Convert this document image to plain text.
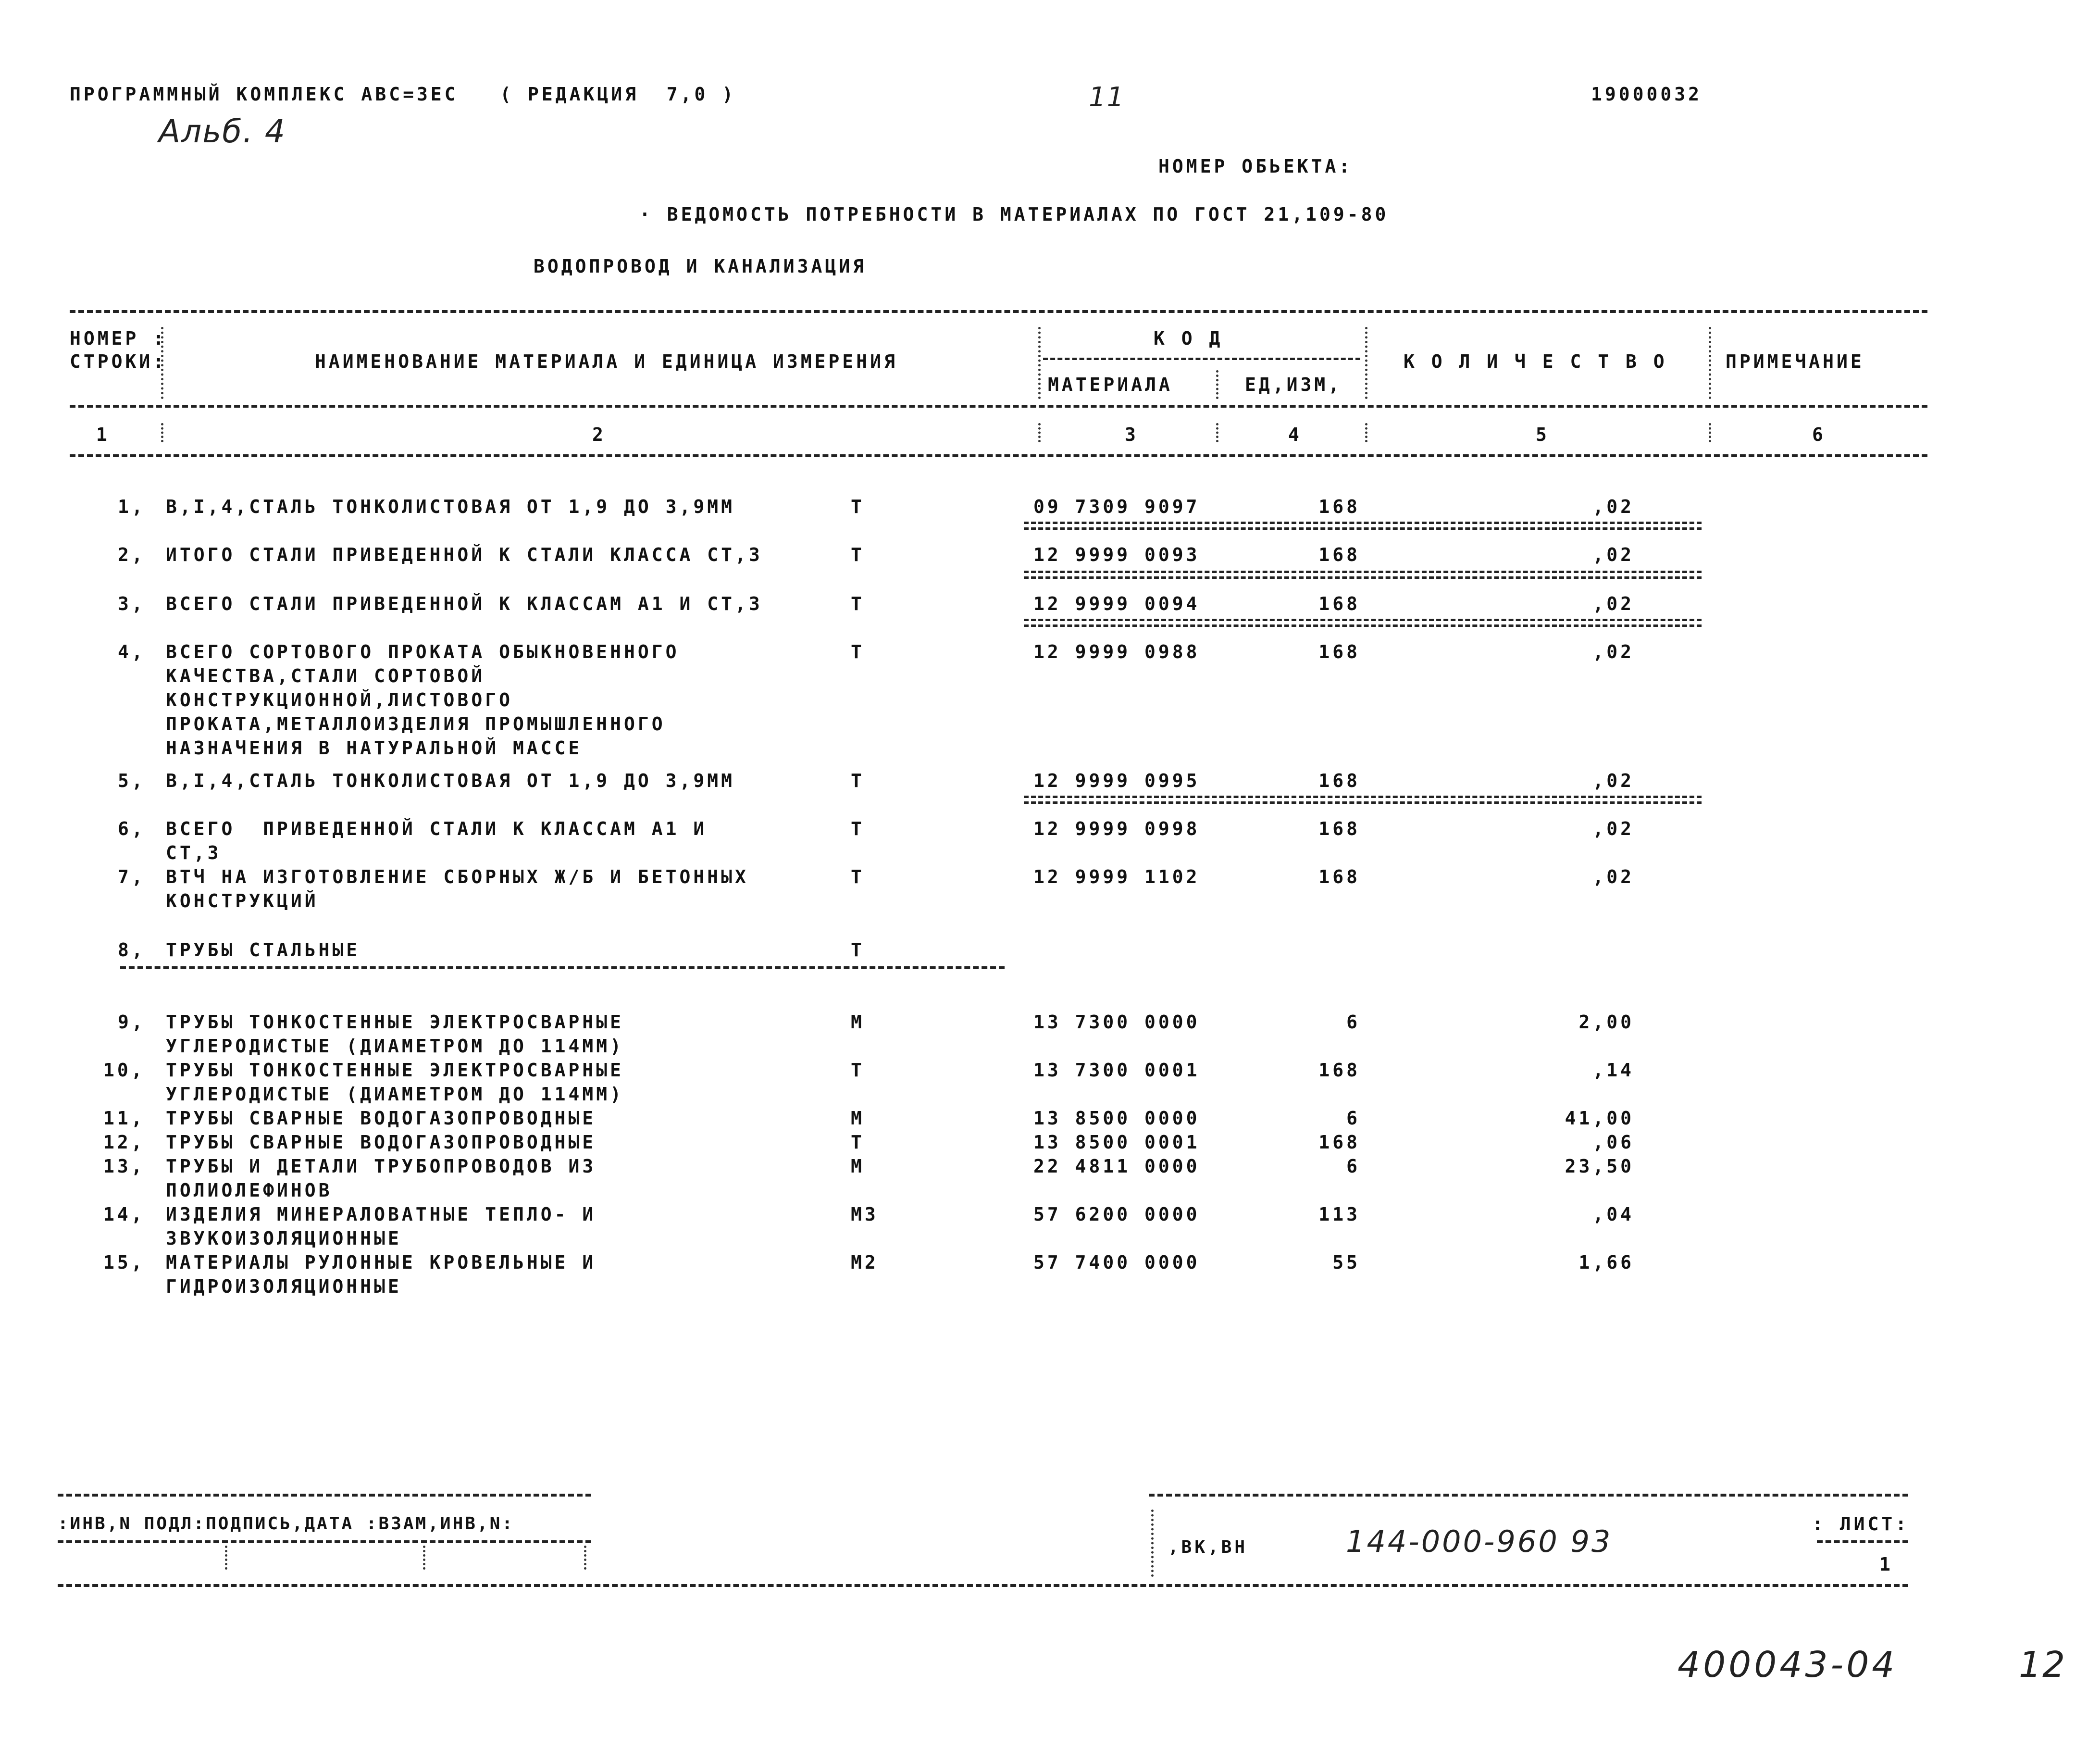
ПРОГРАММНЫЙ КОМПЛЕКС АВС=ЗЕС   ( РЕДАКЦИЯ  7,0 )
Альб. 4
11	19000032
НОМЕР ОБЬЕКТА:
· ВЕДОМОСТЬ ПОТРЕБНОСТИ В МАТЕРИАЛАХ ПО ГОСТ 21,109-80
ВОДОПРОВОД И КАНАЛИЗАЦИЯ
НОМЕР :
СТРОКИ:	НАИМЕНОВАНИЕ МАТЕРИАЛА И ЕДИНИЦА ИЗМЕРЕНИЯ
К О Д
МАТЕРИАЛА	ЕД,ИЗМ,
К О Л И Ч Е С Т В О	ПРИМЕЧАНИЕ
1	2	3	4	5	6
1, В,I,4,СТАЛЬ ТОНКОЛИСТОВАЯ ОТ 1,9 ДО 3,9ММ	Т	09 7309 9097	168	,02
2, ИТОГО СТАЛИ ПРИВЕДЕННОЙ К СТАЛИ КЛАССА СТ,3	Т	12 9999 0093	168	,02
3, ВСЕГО СТАЛИ ПРИВЕДЕННОЙ К КЛАССАМ А1 И СТ,3	Т	12 9999 0094	168	,02
4, ВСЕГО СОРТОВОГО ПРОКАТА ОБЫКНОВЕННОГО
КАЧЕСТВА,СТАЛИ СОРТОВОЙ
КОНСТРУКЦИОННОЙ,ЛИСТОВОГО
ПРОКАТА,МЕТАЛЛОИЗДЕЛИЯ ПРОМЫШЛЕННОГО
НАЗНАЧЕНИЯ В НАТУРАЛЬНОЙ МАССЕ
Т	12 9999 0988	168	,02
5, В,I,4,СТАЛЬ ТОНКОЛИСТОВАЯ ОТ 1,9 ДО 3,9ММ	Т	12 9999 0995	168	,02
6, ВСЕГО  ПРИВЕДЕННОЙ СТАЛИ К КЛАССАМ А1 И
СТ,3
Т	12 9999 0998	168	,02
7, ВТЧ НА ИЗГОТОВЛЕНИЕ СБОРНЫХ Ж/Б И БЕТОННЫХ
КОНСТРУКЦИЙ
Т	12 9999 1102	168	,02
8, ТРУБЫ СТАЛЬНЫЕ	Т
9, ТРУБЫ ТОНКОСТЕННЫЕ ЭЛЕКТРОСВАРНЫЕ
УГЛЕРОДИСТЫЕ (ДИАМЕТРОМ ДО 114ММ)
М	13 7300 0000	6	2,00
10, ТРУБЫ ТОНКОСТЕННЫЕ ЭЛЕКТРОСВАРНЫЕ
УГЛЕРОДИСТЫЕ (ДИАМЕТРОМ ДО 114ММ)
Т	13 7300 0001	168	,14
11, ТРУБЫ СВАРНЫЕ ВОДОГАЗОПРОВОДНЫЕ	М	13 8500 0000	6	41,00
12, ТРУБЫ СВАРНЫЕ ВОДОГАЗОПРОВОДНЫЕ	Т	13 8500 0001	168	,06
13, ТРУБЫ И ДЕТАЛИ ТРУБОПРОВОДОВ ИЗ
ПОЛИОЛЕФИНОВ
М	22 4811 0000	6	23,50
14, ИЗДЕЛИЯ МИНЕРАЛОВАТНЫЕ ТЕПЛО- И
ЗВУКОИЗОЛЯЦИОННЫЕ
М3	57 6200 0000	113	,04
15, МАТЕРИАЛЫ РУЛОННЫЕ КРОВЕЛЬНЫЕ И
ГИДРОИЗОЛЯЦИОННЫЕ
М2	57 7400 0000	55	1,66
:ИНВ,N ПОДЛ:ПОДПИСЬ,ДАТА :ВЗАМ,ИНВ,N:
,ВК,ВН	144-000-960 93	: ЛИСТ:
1
400043-04	12
